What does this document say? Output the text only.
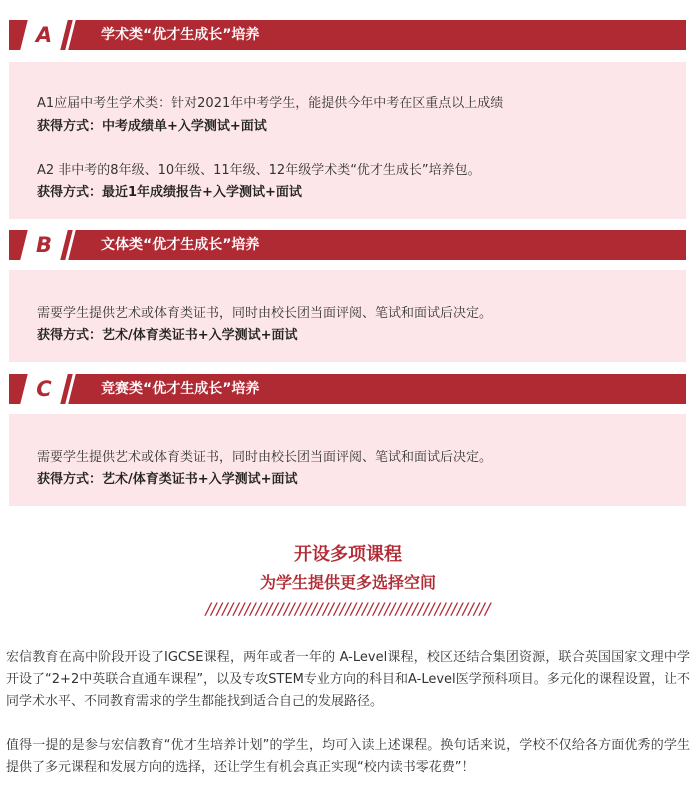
A	学术类“优才生成长”培养
A1应届中考生学术类：针对2021年中考学生，能提供今年中考在区重点以上成绩
获得方式：中考成绩单+入学测试+面试
A2 非中考的8年级、10年级、11年级、12年级学术类“优才生成长”培养包。
获得方式：最近1年成绩报告+入学测试+面试
B	文体类“优才生成长”培养
需要学生提供艺术或体育类证书，同时由校长团当面评阅、笔试和面试后决定。
获得方式：艺术/体育类证书+入学测试+面试
C	竞赛类“优才生成长”培养
需要学生提供艺术或体育类证书，同时由校长团当面评阅、笔试和面试后决定。
获得方式：艺术/体育类证书+入学测试+面试
开设多项课程
为学生提供更多选择空间
///////////////////////////////////////////////////
宏信教育在高中阶段开设了IGCSE课程，两年或者一年的 A-Level课程，校区还结合集团资源，联合英国国家文理中学开设了“2+2中英联合直通车课程”，以及专攻STEM专业方向的科目和A-Level医学预科项目。多元化的课程设置，让不同学术水平、不同教育需求的学生都能找到适合自己的发展路径。
值得一提的是参与宏信教育“优才生培养计划”的学生，均可入读上述课程。换句话来说，学校不仅给各方面优秀的学生提供了多元课程和发展方向的选择，还让学生有机会真正实现“校内读书零花费”！
